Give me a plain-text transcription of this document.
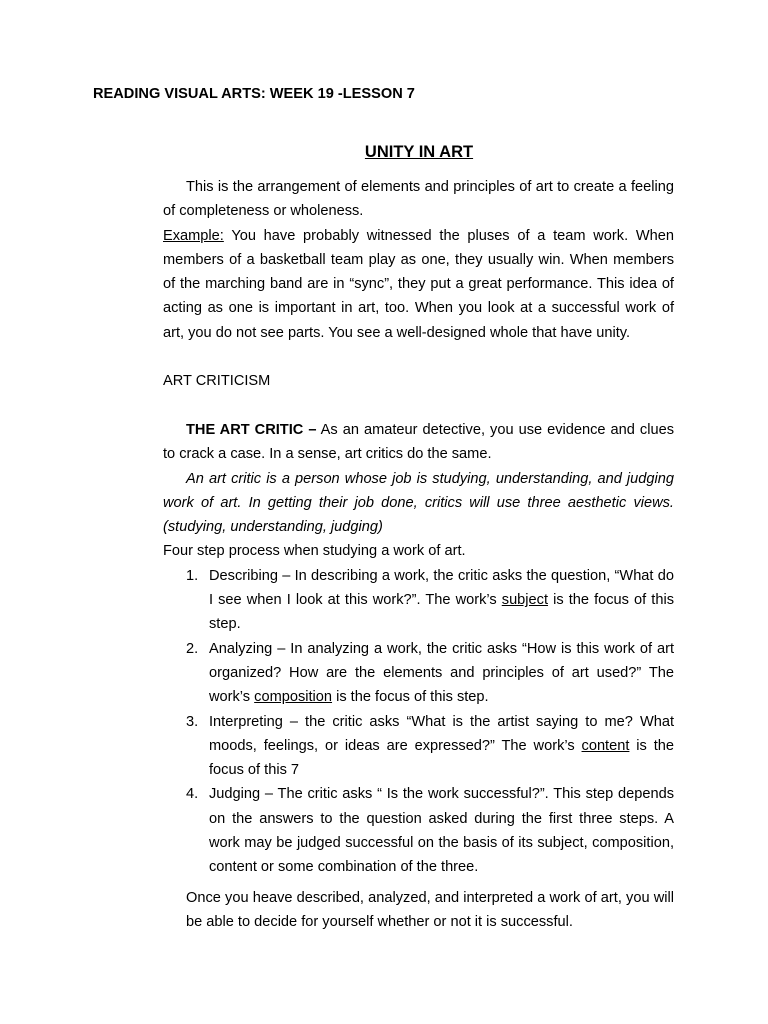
READING VISUAL ARTS: WEEK 19 -LESSON 7
UNITY IN ART

This is the arrangement of elements and principles of art to create a feeling of completeness or wholeness.

Example: You have probably witnessed the pluses of a team work. When members of a basketball team play as one, they usually win. When members of the marching band are in “sync”, they put a great performance. This idea of acting as one is important in art, too. When you look at a successful work of art, you do not see parts. You see a well-designed whole that have unity.

ART CRITICISM

THE ART CRITIC – As an amateur detective, you use evidence and clues to crack a case. In a sense, art critics do the same.

An art critic is a person whose job is studying, understanding, and judging work of art. In getting their job done, critics will use three aesthetic views. (studying, understanding, judging)

Four step process when studying a work of art.

1. Describing – In describing a work, the critic asks the question, “What do I see when I look at this work?”. The work’s subject is the focus of this step.
2. Analyzing – In analyzing a work, the critic asks “How is this work of art organized? How are the elements and principles of art used?” The work’s composition is the focus of this step.
3. Interpreting – the critic asks “What is the artist saying to me? What moods, feelings, or ideas are expressed?” The work’s content is the focus of this 7
4. Judging – The critic asks “ Is the work successful?”. This step depends on the answers to the question asked during the first three steps. A work may be judged successful on the basis of its subject, composition, content or some combination of the three.

Once you heave described, analyzed, and interpreted a work of art, you will be able to decide for yourself whether or not it is successful.
